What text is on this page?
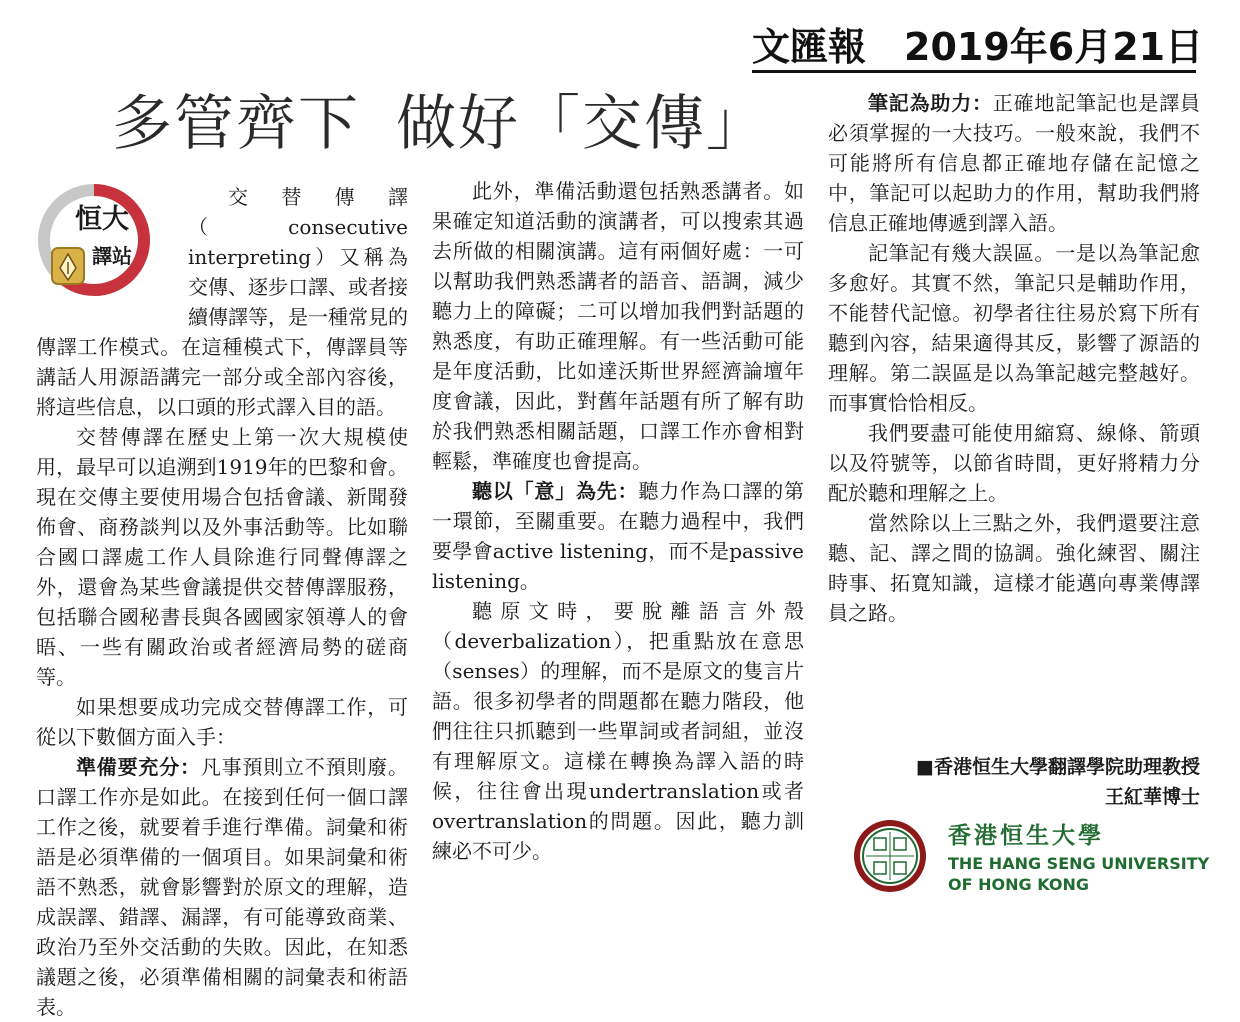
文匯報 2019年6月21日
多管齊下 做好「交傳」
恒大
譯站

交替傳譯（consecutive interpreting）又稱為交傳、逐步口譯、或者接續傳譯等，是一種常見的傳譯工作模式。在這種模式下，傳譯員等講話人用源語講完一部分或全部內容後，將這些信息，以口頭的形式譯入目的語。

交替傳譯在歷史上第一次大規模使用，最早可以追溯到1919年的巴黎和會。現在交傳主要使用場合包括會議、新聞發佈會、商務談判以及外事活動等。比如聯合國口譯處工作人員除進行同聲傳譯之外，還會為某些會議提供交替傳譯服務，包括聯合國秘書長與各國國家領導人的會晤、一些有關政治或者經濟局勢的磋商等。

如果想要成功完成交替傳譯工作，可從以下數個方面入手：

準備要充分：凡事預則立不預則廢。口譯工作亦是如此。在接到任何一個口譯工作之後，就要着手進行準備。詞彙和術語是必須準備的一個項目。如果詞彙和術語不熟悉，就會影響對於原文的理解，造成誤譯、錯譯、漏譯，有可能導致商業、政治乃至外交活動的失敗。因此，在知悉議題之後，必須準備相關的詞彙表和術語表。

此外，準備活動還包括熟悉講者。如果確定知道活動的演講者，可以搜索其過去所做的相關演講。這有兩個好處：一可以幫助我們熟悉講者的語音、語調，減少聽力上的障礙；二可以增加我們對話題的熟悉度，有助正確理解。有一些活動可能是年度活動，比如達沃斯世界經濟論壇年度會議，因此，對舊年話題有所了解有助於我們熟悉相關話題，口譯工作亦會相對輕鬆，準確度也會提高。

聽以「意」為先：聽力作為口譯的第一環節，至關重要。在聽力過程中，我們要學會active listening，而不是passive listening。

聽原文時，要脫離語言外殼（deverbalization），把重點放在意思（senses）的理解，而不是原文的隻言片語。很多初學者的問題都在聽力階段，他們往往只抓聽到一些單詞或者詞組，並沒有理解原文。這樣在轉換為譯入語的時候，往往會出現undertranslation或者overtranslation的問題。因此，聽力訓練必不可少。

筆記為助力：正確地記筆記也是譯員必須掌握的一大技巧。一般來說，我們不可能將所有信息都正確地存儲在記憶之中，筆記可以起助力的作用，幫助我們將信息正確地傳遞到譯入語。

記筆記有幾大誤區。一是以為筆記愈多愈好。其實不然，筆記只是輔助作用，不能替代記憶。初學者往往易於寫下所有聽到內容，結果適得其反，影響了源語的理解。第二誤區是以為筆記越完整越好。而事實恰恰相反。

我們要盡可能使用縮寫、線條、箭頭以及符號等，以節省時間，更好將精力分配於聽和理解之上。

當然除以上三點之外，我們還要注意聽、記、譯之間的協調。強化練習、關注時事、拓寬知識，這樣才能邁向專業傳譯員之路。

■香港恒生大學翻譯學院助理教授
王紅華博士
香港恒生大學
THE HANG SENG UNIVERSITY
OF HONG KONG
